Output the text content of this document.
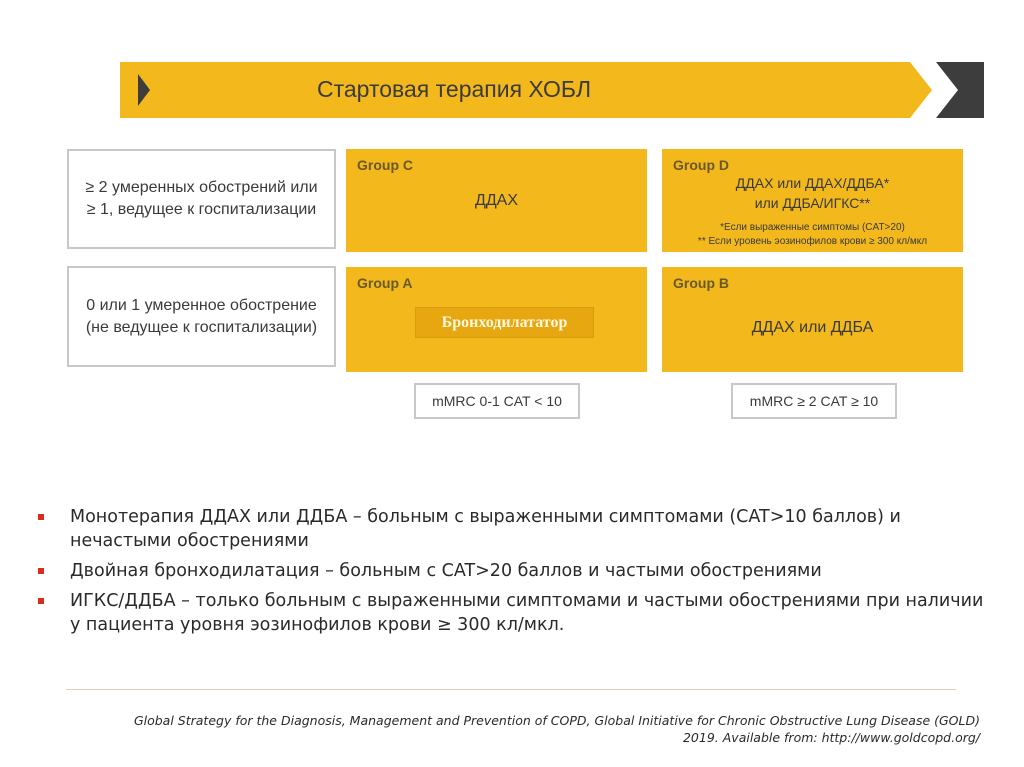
Стартовая терапия ХОБЛ
≥ 2 умеренных обострений или ≥ 1, ведущее к госпитализации
0 или 1 умеренное обострение (не ведущее к госпитализации)
Group C
ДДАХ
Group D
ДДАХ или ДДАХ/ДДБА*
или ДДБА/ИГКС**
*Если выраженные симптомы (CAT>20)
** Если уровень эозинофилов крови ≥ 300 кл/мкл
Group A
Бронходилататор
Group B
ДДАХ или ДДБА
mMRC 0-1 CAT < 10	mMRC ≥ 2 CAT ≥ 10
Монотерапия ДДАХ или ДДБА – больным с выраженными симптомами (CAT>10 баллов) и нечастыми обострениями
Двойная бронходилатация – больным с CAT>20 баллов и частыми обострениями
ИГКС/ДДБА – только больным с выраженными симптомами и частыми обострениями при наличии у пациента уровня эозинофилов крови ≥ 300 кл/мкл.
Global Strategy for the Diagnosis, Management and Prevention of COPD, Global Initiative for Chronic Obstructive Lung Disease (GOLD)
2019. Available from: http://www.goldcopd.org/
